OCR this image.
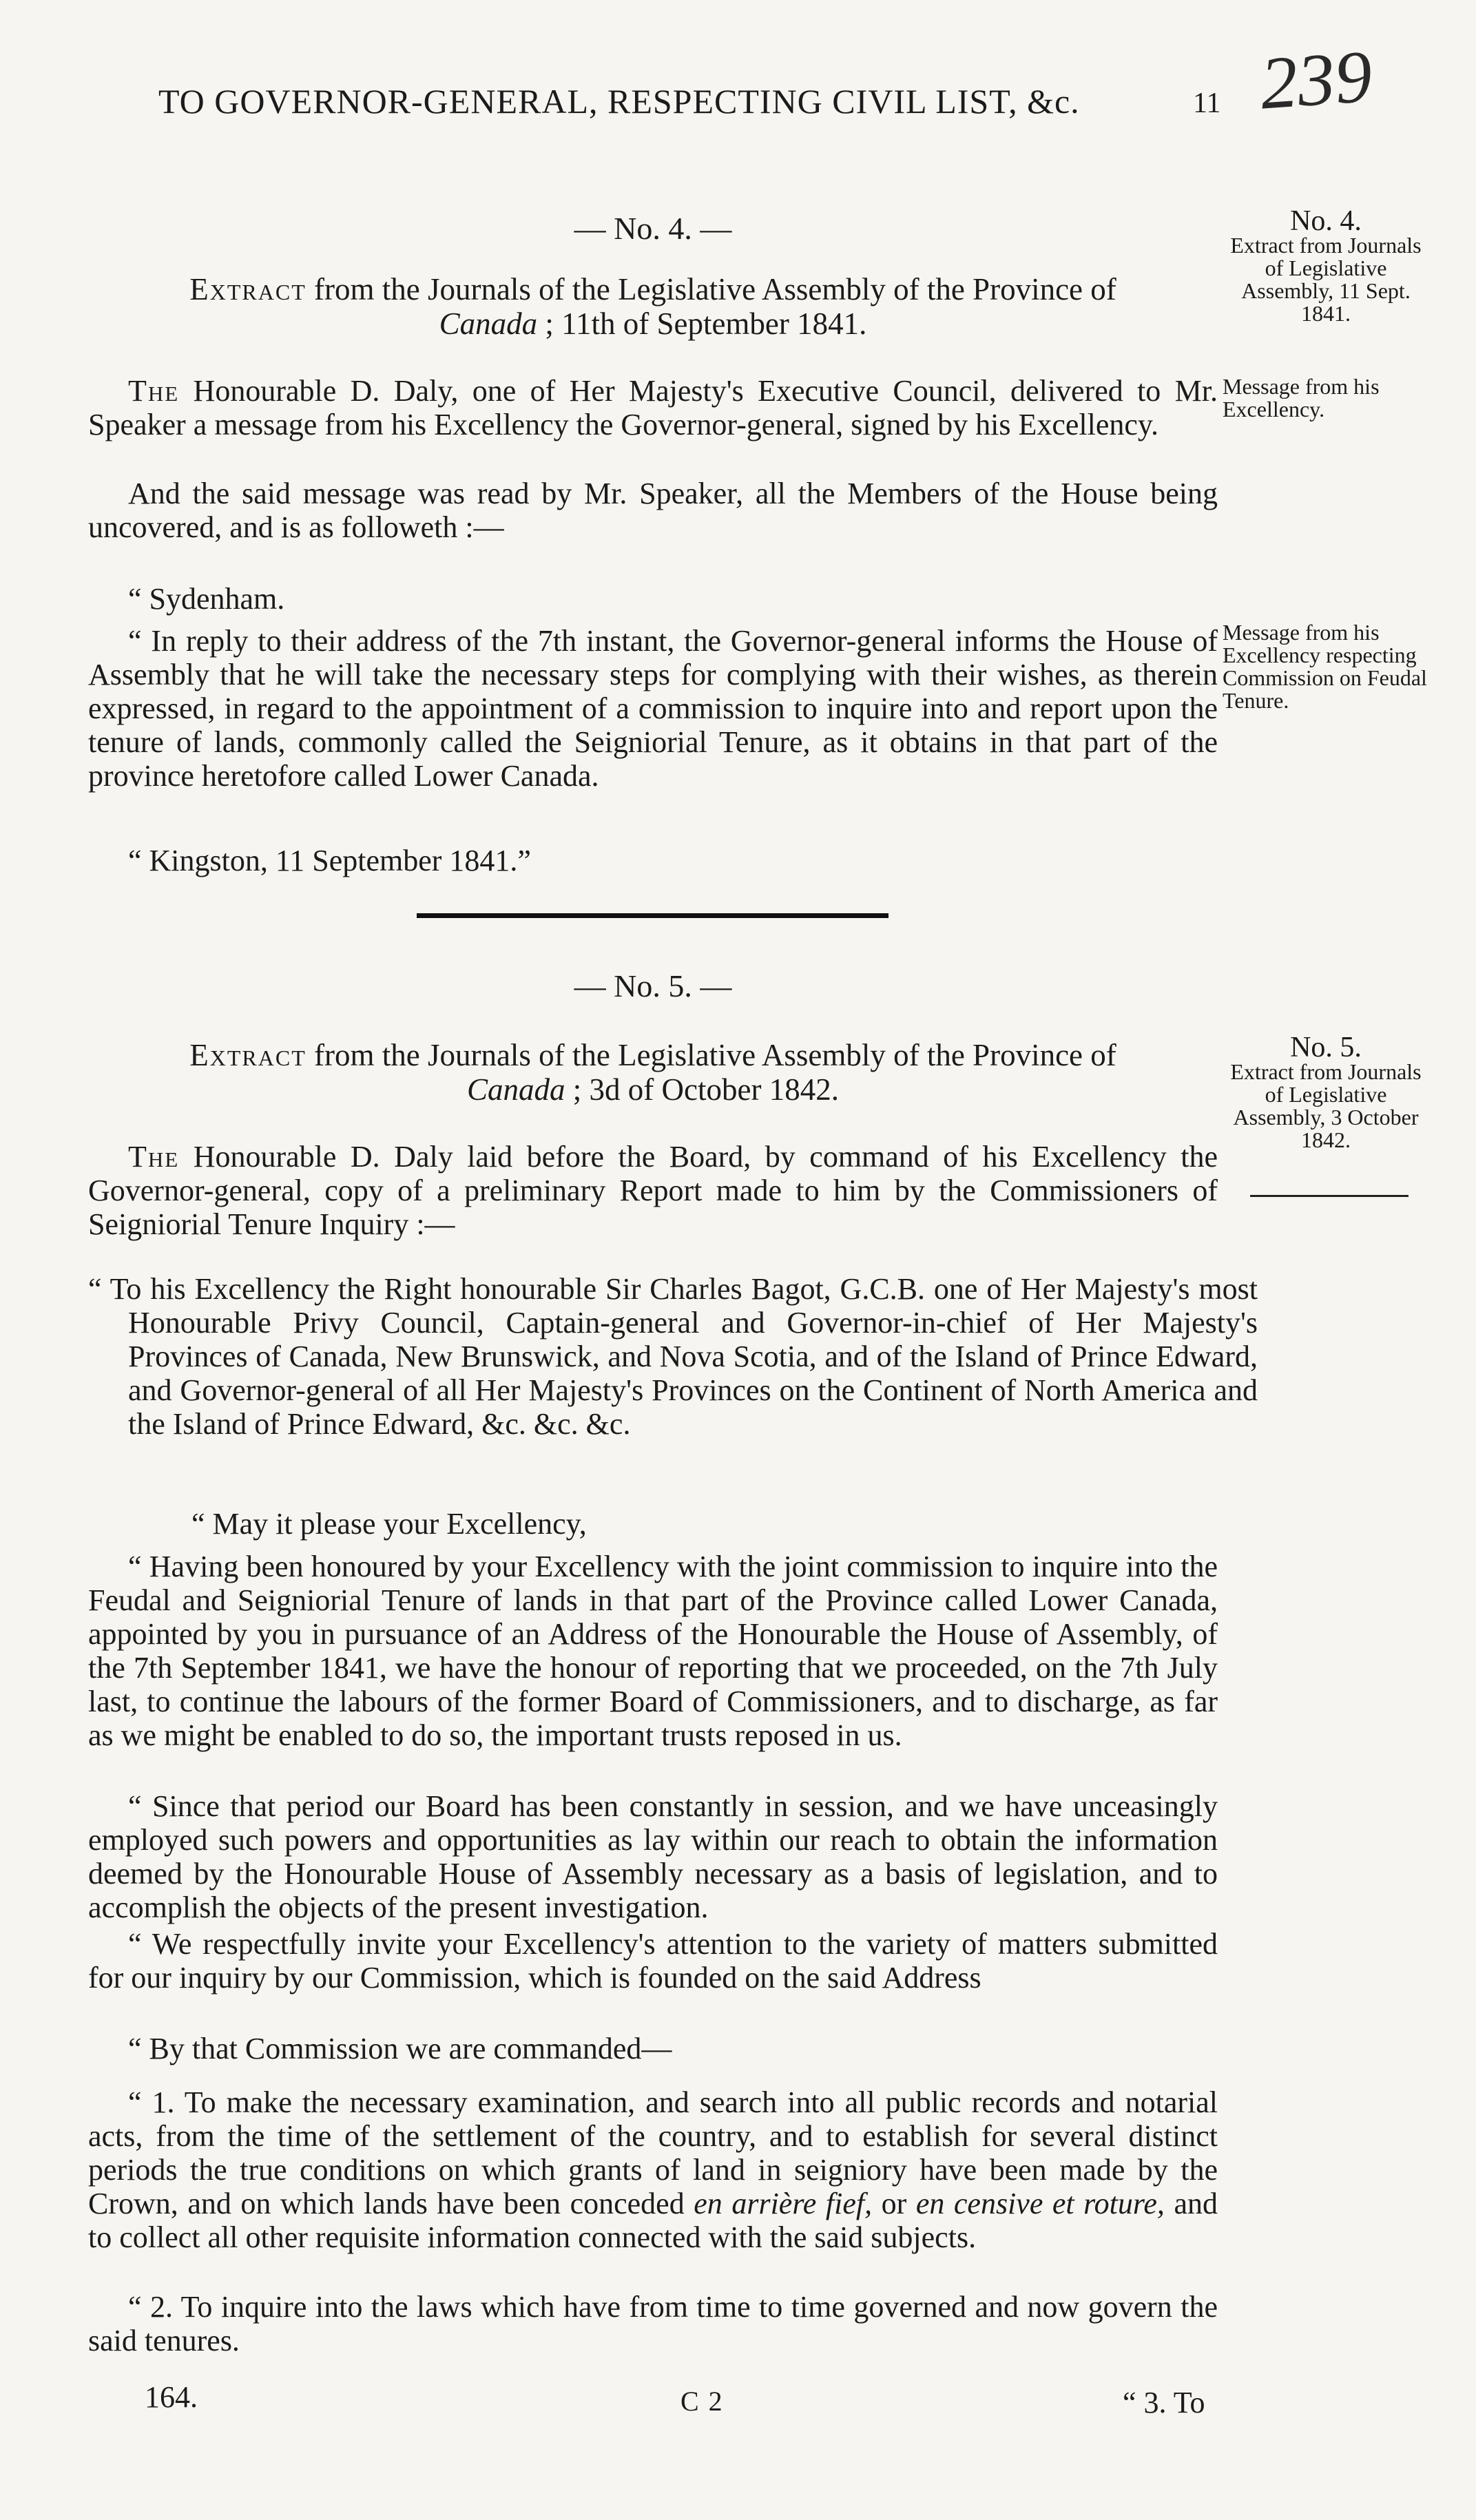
TO GOVERNOR-GENERAL, RESPECTING CIVIL LIST, &c.	11 239
— No. 4. —
Extract from the Journals of the Legislative Assembly of the Province of
Canada ; 11th of September 1841.

The Honourable D. Daly, one of Her Majesty's Executive Council, delivered to Mr. Speaker a message from his Excellency the Governor-general, signed by his Excellency.

And the said message was read by Mr. Speaker, all the Members of the House being uncovered, and is as followeth :—

“ Sydenham.

“ In reply to their address of the 7th instant, the Governor-general informs the House of Assembly that he will take the necessary steps for complying with their wishes, as therein expressed, in regard to the appointment of a commission to inquire into and report upon the tenure of lands, commonly called the Seigniorial Tenure, as it obtains in that part of the province heretofore called Lower Canada.

“ Kingston, 11 September 1841.”

— No. 5. —
Extract from the Journals of the Legislative Assembly of the Province of
Canada ; 3d of October 1842.

The Honourable D. Daly laid before the Board, by command of his Excellency the Governor-general, copy of a preliminary Report made to him by the Commissioners of Seigniorial Tenure Inquiry :—

“ To his Excellency the Right honourable Sir Charles Bagot, G.C.B. one of Her Majesty's most Honourable Privy Council, Captain-general and Governor-in-chief of Her Majesty's Provinces of Canada, New Brunswick, and Nova Scotia, and of the Island of Prince Edward, and Governor-general of all Her Majesty's Provinces on the Continent of North America and the Island of Prince Edward, &c. &c. &c.

“ May it please your Excellency,

“ Having been honoured by your Excellency with the joint commission to inquire into the Feudal and Seigniorial Tenure of lands in that part of the Province called Lower Canada, appointed by you in pursuance of an Address of the Honourable the House of Assembly, of the 7th September 1841, we have the honour of reporting that we proceeded, on the 7th July last, to continue the labours of the former Board of Commissioners, and to discharge, as far as we might be enabled to do so, the important trusts reposed in us.

“ Since that period our Board has been constantly in session, and we have unceasingly employed such powers and opportunities as lay within our reach to obtain the information deemed by the Honourable House of Assembly necessary as a basis of legislation, and to accomplish the objects of the present investigation.

“ We respectfully invite your Excellency's attention to the variety of matters submitted for our inquiry by our Commission, which is founded on the said Address

“ By that Commission we are commanded—

“ 1. To make the necessary examination, and search into all public records and notarial acts, from the time of the settlement of the country, and to establish for several distinct periods the true conditions on which grants of land in seigniory have been made by the Crown, and on which lands have been conceded en arrière fief, or en censive et roture, and to collect all other requisite information connected with the said subjects.

“ 2. To inquire into the laws which have from time to time governed and now govern the said tenures.

No. 4.
Extract from Journals of Legislative Assembly, 11 Sept. 1841.
Message from his Excellency.
Message from his Excellency respecting Commission on Feudal Tenure.
No. 5.
Extract from Journals of Legislative Assembly, 3 October 1842.
164.	C 2	“ 3. To
